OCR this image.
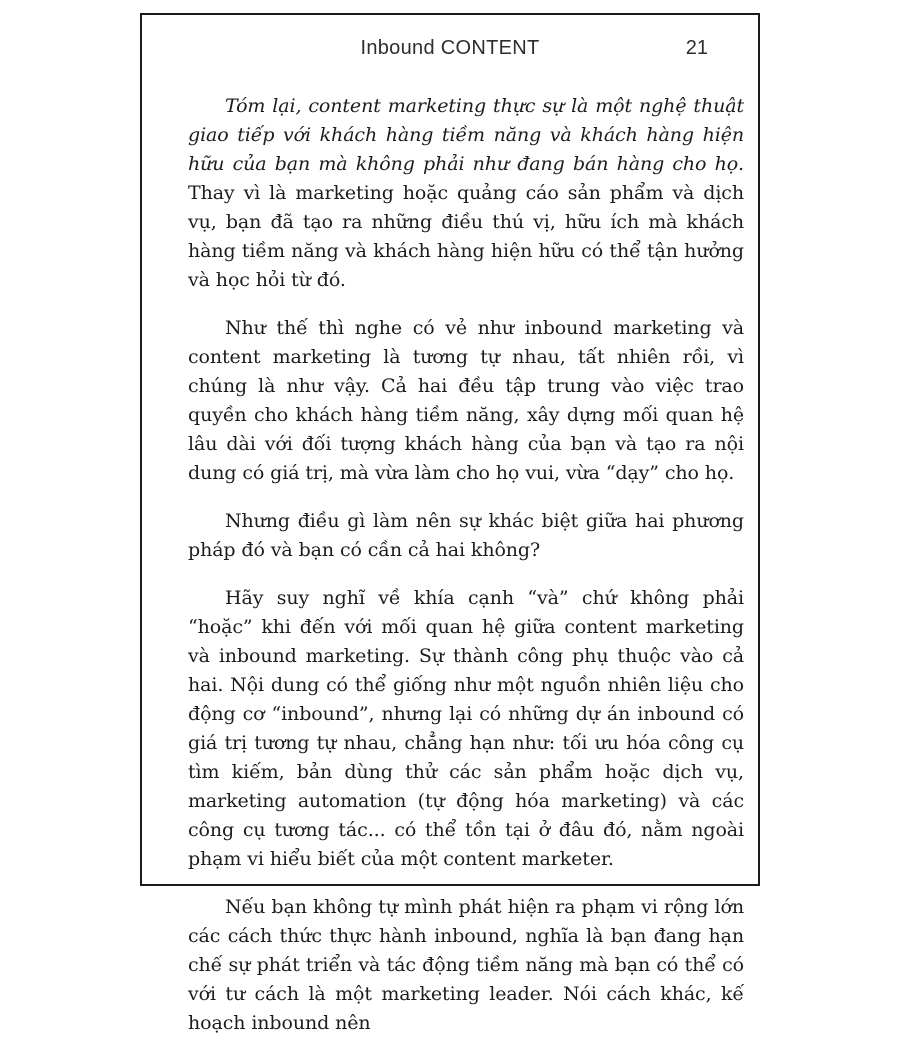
Inbound CONTENT	21

Tóm lại, content marketing thực sự là một nghệ thuật giao tiếp với khách hàng tiềm năng và khách hàng hiện hữu của bạn mà không phải như đang bán hàng cho họ. Thay vì là marketing hoặc quảng cáo sản phẩm và dịch vụ, bạn đã tạo ra những điều thú vị, hữu ích mà khách hàng tiềm năng và khách hàng hiện hữu có thể tận hưởng và học hỏi từ đó.

Như thế thì nghe có vẻ như inbound marketing và content marketing là tương tự nhau, tất nhiên rồi, vì chúng là như vậy. Cả hai đều tập trung vào việc trao quyền cho khách hàng tiềm năng, xây dựng mối quan hệ lâu dài với đối tượng khách hàng của bạn và tạo ra nội dung có giá trị, mà vừa làm cho họ vui, vừa “dạy” cho họ.

Nhưng điều gì làm nên sự khác biệt giữa hai phương pháp đó và bạn có cần cả hai không?

Hãy suy nghĩ về khía cạnh “và” chứ không phải “hoặc” khi đến với mối quan hệ giữa content marketing và inbound marketing. Sự thành công phụ thuộc vào cả hai. Nội dung có thể giống như một nguồn nhiên liệu cho động cơ “inbound”, nhưng lại có những dự án inbound có giá trị tương tự nhau, chẳng hạn như: tối ưu hóa công cụ tìm kiếm, bản dùng thử các sản phẩm hoặc dịch vụ, marketing automation (tự động hóa marketing) và các công cụ tương tác... có thể tồn tại ở đâu đó, nằm ngoài phạm vi hiểu biết của một content marketer.

Nếu bạn không tự mình phát hiện ra phạm vi rộng lớn các cách thức thực hành inbound, nghĩa là bạn đang hạn chế sự phát triển và tác động tiềm năng mà bạn có thể có với tư cách là một marketing leader. Nói cách khác, kế hoạch inbound nên
